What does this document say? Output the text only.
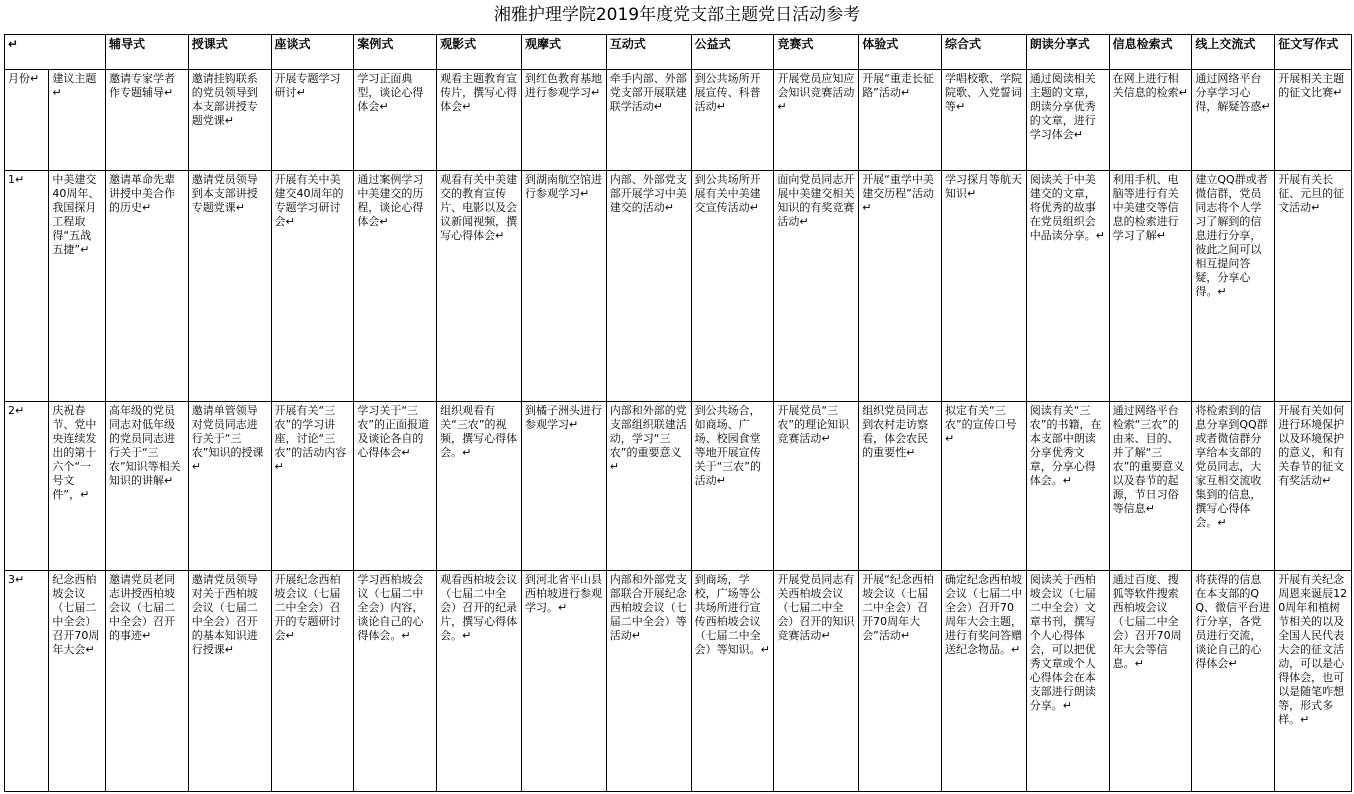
湘雅护理学院2019年度党支部主题党日活动参考
↵		辅导式	授课式	座谈式	案例式	观影式	观摩式	互动式	公益式	竞赛式	体验式	综合式	朗读分享式	信息检索式	线上交流式	征文写作式
月份↵	建议主题↵	邀请专家学者作专题辅导↵	邀请挂钩联系的党员领导到本支部讲授专题党课↵	开展专题学习研讨↵	学习正面典型，谈论心得体会↵	观看主题教育宣传片，撰写心得体会↵	到红色教育基地进行参观学习↵	牵手内部、外部党支部开展联建联学活动↵	到公共场所开展宣传、科普活动↵	开展党员应知应会知识竞赛活动↵	开展“重走长征路”活动↵	学唱校歌、学院院歌、入党誓词等↵	通过阅读相关主题的文章，朗读分享优秀的文章，进行学习体会↵	在网上进行相关信息的检索↵	通过网络平台分享学习心得，解疑答惑↵	开展相关主题的征文比赛↵
1↵	中美建交40周年、我国探月工程取得“五战五捷”↵	邀请革命先辈讲授中美合作的历史↵	邀请党员领导到本支部讲授专题党课↵	开展有关中美建交40周年的专题学习研讨会↵	通过案例学习中美建交的历程，谈论心得体会↵	观看有关中美建交的教育宣传片、电影以及会议新闻视频，撰写心得体会↵	到湖南航空馆进行参观学习↵	内部、外部党支部开展学习中美建交的活动↵	到公共场所开展有关中美建交宣传活动↵	面向党员同志开展中美建交相关知识的有奖竞赛活动↵	开展“重学中美建交历程”活动↵	学习探月等航天知识↵	阅读关于中美建交的文章，将优秀的故事在党员组织会中品读分享。↵	利用手机、电脑等进行有关中美建交等信息的检索进行学习了解↵	建立QQ群或者微信群，党员同志将个人学习了解到的信息进行分享，彼此之间可以相互提问答疑，分享心得。↵	开展有关长征、元旦的征文活动↵
2↵	庆祝春节、党中央连续发出的第十六个“一号文件”，↵	高年级的党员同志对低年级的党员同志进行关于“三农”知识等相关知识的讲解↵	邀请单管领导对党员同志进行关于“三农”知识的授课↵	开展有关“三农”的学习讲座，讨论“三农”的活动内容↵	学习关于“三农”的正面报道及谈论各自的心得体会↵	组织观看有关“三农”的视频，撰写心得体会。↵	到橘子洲头进行参观学习↵	内部和外部的党支部组织联建活动，学习“三农”的重要意义↵	到公共场合，如商场、广场、校园食堂等地开展宣传关于“三农”的活动↵	开展党员“三农”的理论知识竞赛活动↵	组织党员同志到农村走访察看，体会农民的重要性↵	拟定有关“三农”的宣传口号↵	阅读有关“三农”的书籍，在本支部中朗读分享优秀文章，分享心得体会。↵	通过网络平台检索“三农”的由来、目的、并了解“三农”的重要意义以及春节的起源，节日习俗等信息↵	将检索到的信息分享到QQ群或者微信群分享给本支部的党员同志，大家互相交流收集到的信息，撰写心得体会。↵	开展有关如何进行环境保护以及环境保护的意义，和有关春节的征文有奖活动↵
3↵	纪念西柏坡会议（七届二中全会）召开70周年大会↵	邀请党员老同志讲授西柏坡会议（七届二中全会）召开的事迹↵	邀请党员领导对关于西柏坡会议（七届二中全会）召开的基本知识进行授课↵	开展纪念西柏坡会议（七届二中全会）召开的专题研讨会↵	学习西柏坡会议（七届二中全会）内容，谈论自己的心得体会。↵	观看西柏坡会议（七届二中全会）召开的纪录片，撰写心得体会。↵	到河北省平山县西柏坡进行参观学习。↵	内部和外部党支部联合开展纪念西柏坡会议（七届二中全会）等活动↵	到商场，学校，广场等公共场所进行宣传西柏坡会议（七届二中全会）等知识。↵	开展党员同志有关西柏坡会议（七届二中全会）召开的知识竞赛活动↵	开展“纪念西柏坡会议（七届二中全会）召开70周年大会”活动↵	确定纪念西柏坡会议（七届二中全会）召开70周年大会主题，进行有奖问答赠送纪念物品。↵	阅读关于西柏坡会议（七届二中全会）文章书刊，撰写个人心得体会，可以把优秀文章或个人心得体会在本支部进行朗读分享。↵	通过百度、搜狐等软件搜索西柏坡会议（七届二中全会）召开70周年大会等信息。↵	将获得的信息在本支部的QQ、微信平台进行分享，各党员进行交流，谈论自己的心得体会↵	开展有关纪念周恩来诞辰120周年和植树节相关的以及全国人民代表大会的征文活动，可以是心得体会，也可以是随笔咋想等，形式多样。↵
